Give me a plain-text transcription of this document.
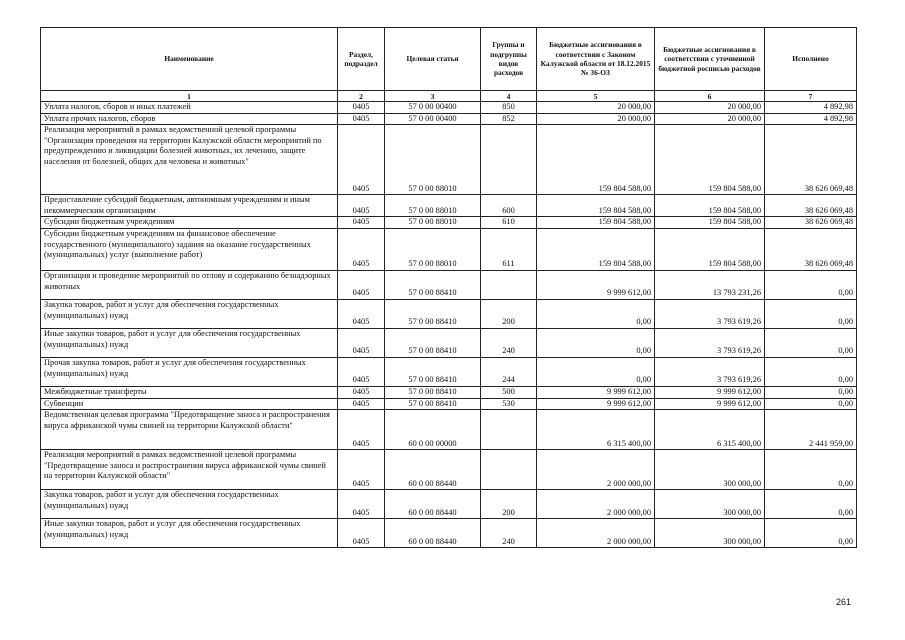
Наименование	Раздел, подраздел	Целевая статья	Группы и подгруппы видов расходов	Бюджетные ассигнования в соответствии с Законом Калужской области от 18.12.2015 № 36-ОЗ	Бюджетные ассигнования в соответствии с уточненной бюджетной росписью расходов	Исполнено
1	2	3	4	5	6	7
Уплата налогов, сборов и иных платежей	0405	57 0 00 00400	850	20 000,00	20 000,00	4 892,98
Уплата прочих налогов, сборов	0405	57 0 00 00400	852	20 000,00	20 000,00	4 892,98
Реализация мероприятий в рамках ведомственной целевой программы "Организация проведения на территории Калужской области мероприятий по предупреждению и ликвидации болезней животных, их лечению, защите населения от болезней, общих для человека и животных"	0405	57 0 00 88010		159 804 588,00	159 804 588,00	38 626 069,48
Предоставление субсидий бюджетным, автономным учреждениям и иным некоммерческим организациям	0405	57 0 00 88010	600	159 804 588,00	159 804 588,00	38 626 069,48
Субсидии бюджетным учреждениям	0405	57 0 00 88010	610	159 804 588,00	159 804 588,00	38 626 069,48
Субсидии бюджетным учреждениям на финансовое обеспечение государственного (муниципального) задания на оказание государственных (муниципальных) услуг (выполнение работ)	0405	57 0 00 88010	611	159 804 588,00	159 804 588,00	38 626 069,48
Организация и проведение мероприятий по отлову и содержанию безнадзорных животных	0405	57 0 00 88410		9 999 612,00	13 793 231,26	0,00
Закупка товаров, работ и услуг для обеспечения государственных (муниципальных) нужд	0405	57 0 00 88410	200	0,00	3 793 619,26	0,00
Иные закупки товаров, работ и услуг для обеспечения государственных (муниципальных) нужд	0405	57 0 00 88410	240	0,00	3 793 619,26	0,00
Прочая закупка товаров, работ и услуг для обеспечения государственных (муниципальных) нужд	0405	57 0 00 88410	244	0,00	3 793 619,26	0,00
Межбюджетные трансферты	0405	57 0 00 88410	500	9 999 612,00	9 999 612,00	0,00
Субвенции	0405	57 0 00 88410	530	9 999 612,00	9 999 612,00	0,00
Ведомственная целевая программа "Предотвращение заноса и распространения вируса африканской чумы свиней на территории Калужской области"	0405	60 0 00 00000		6 315 400,00	6 315 400,00	2 441 959,00
Реализация мероприятий в рамках ведомственной целевой программы "Предотвращение заноса и распространения вируса африканской чумы свиней на территории Калужской области"	0405	60 0 00 88440		2 000 000,00	300 000,00	0,00
Закупка товаров, работ и услуг для обеспечения государственных (муниципальных) нужд	0405	60 0 00 88440	200	2 000 000,00	300 000,00	0,00
Иные закупки товаров, работ и услуг для обеспечения государственных (муниципальных) нужд	0405	60 0 00 88440	240	2 000 000,00	300 000,00	0,00
261
